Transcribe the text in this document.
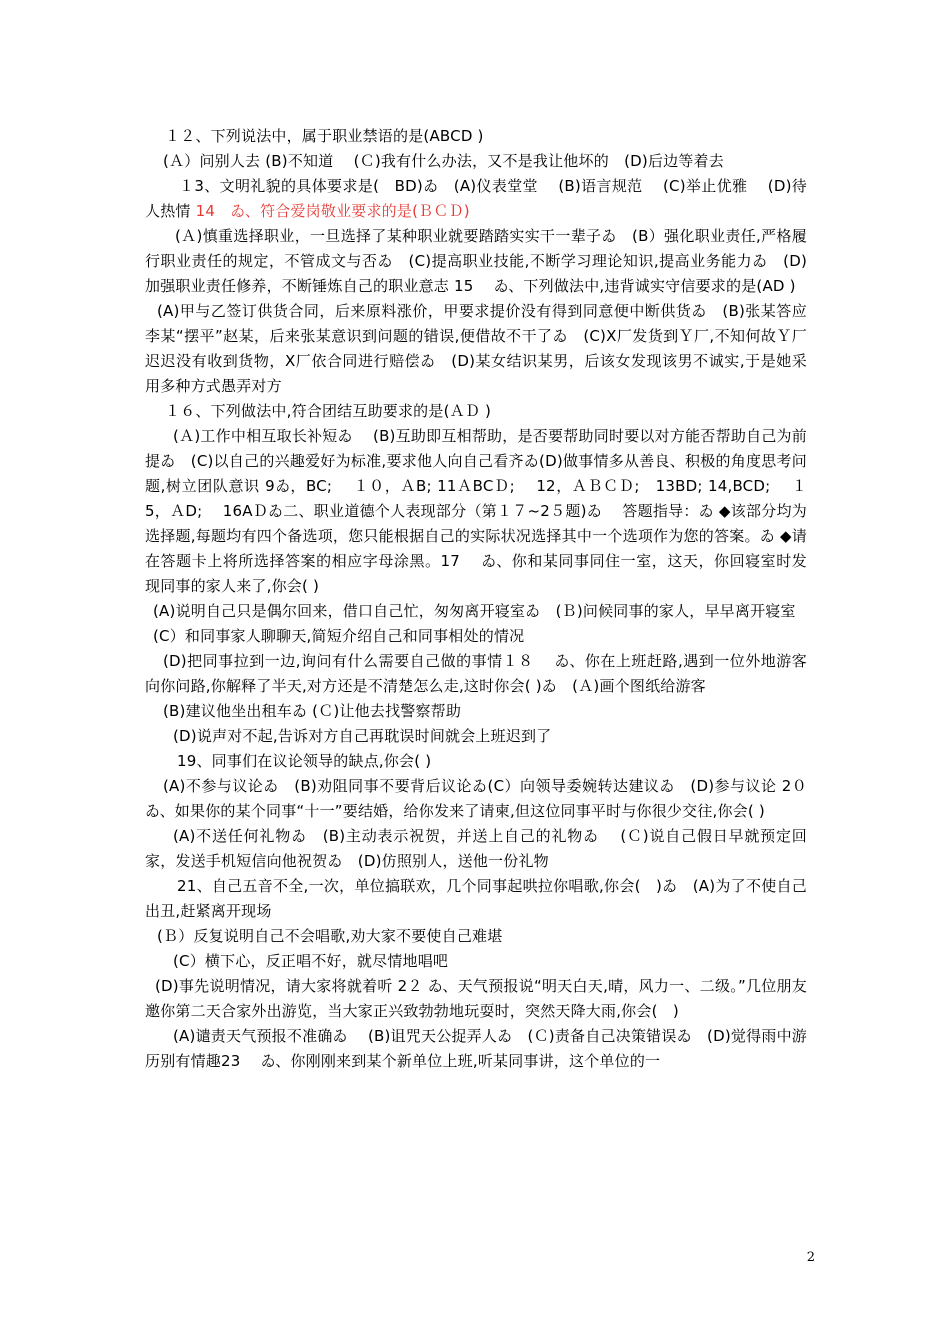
１２、下列说法中，属于职业禁语的是(ABCD )

(Ａ）问别人去 (B)不知道　 (Ｃ)我有什么办法，又不是我让他坏的　(D)后边等着去

１3、文明礼貌的具体要求是(　BD)ゐ　(A)仪表堂堂　 (B)语言规范　 (C)举止优雅　 (D)待人热情 14　ゐ、符合爱岗敬业要求的是(ＢＣＤ)

(Ａ)慎重选择职业，一旦选择了某种职业就要踏踏实实干一辈子ゐ　(B）强化职业责任,严格履行职业责任的规定，不管成文与否ゐ　(C)提高职业技能,不断学习理论知识,提高业务能力ゐ　(D)加强职业责任修养，不断锤炼自己的职业意志 15　 ゐ、下列做法中,违背诚实守信要求的是(AD )

(A)甲与乙签订供货合同，后来原料涨价，甲要求提价没有得到同意便中断供货ゐ　(B)张某答应李某“摆平”赵某，后来张某意识到问题的错误,便借故不干了ゐ　(C)X厂发货到Ｙ厂,不知何故Ｙ厂迟迟没有收到货物，X厂依合同进行赔偿ゐ　(D)某女结识某男，后该女发现该男不诚实,于是她采用多种方式愚弄对方

１６、下列做法中,符合团结互助要求的是(ＡＤ )

(Ａ)工作中相互取长补短ゐ　 (B)互助即互相帮助，是否要帮助同时要以对方能否帮助自己为前提ゐ　(C)以自己的兴趣爱好为标准,要求他人向自己看齐ゐ(D)做事情多从善良、积极的角度思考问题,树立团队意识 9ゐ，BC;　 １０，ＡB; 11ＡBCＤ;　 12，ＡＢＣＤ;　13BD; 14,BCD;　 １5，ＡD;　 16AＤゐ二、职业道德个人表现部分（第１７~2５题)ゐ　 答题指导：ゐ ◆该部分均为选择题,每题均有四个备选项，您只能根据自己的实际状况选择其中一个选项作为您的答案。ゐ ◆请在答题卡上将所选择答案的相应字母涂黑。17　 ゐ、你和某同事同住一室，这天，你回寝室时发现同事的家人来了,你会( )

(A)说明自己只是偶尔回来，借口自己忙，匆匆离开寝室ゐ　(Ｂ)问候同事的家人，早早离开寝室

(C）和同事家人聊聊天,简短介绍自己和同事相处的情况

(D)把同事拉到一边,询问有什么需要自己做的事情１８　 ゐ、你在上班赶路,遇到一位外地游客向你问路,你解释了半天,对方还是不清楚怎么走,这时你会( )ゐ　(Ａ)画个图纸给游客

(B)建议他坐出租车ゐ (Ｃ)让他去找警察帮助

(D)说声对不起,告诉对方自己再耽误时间就会上班迟到了

19、同事们在议论领导的缺点,你会( )

(A)不参与议论ゐ　(B)劝阻同事不要背后议论ゐ(C）向领导委婉转达建议ゐ　(D)参与议论 2０　 ゐ、如果你的某个同事“十一”要结婚，给你发来了请柬,但这位同事平时与你很少交往,你会( )

(A)不送任何礼物ゐ　(B)主动表示祝贺，并送上自己的礼物ゐ　 (Ｃ)说自己假日早就预定回家，发送手机短信向他祝贺ゐ　(D)仿照别人，送他一份礼物

21、自己五音不全,一次，单位搞联欢，几个同事起哄拉你唱歌,你会(　)ゐ　(A)为了不使自己出丑,赶紧离开现场

(Ｂ）反复说明自己不会唱歌,劝大家不要使自己难堪

(C）横下心，反正唱不好，就尽情地唱吧

(D)事先说明情况，请大家将就着听 2２ ゐ、天气预报说“明天白天,晴，风力一、二级。”几位朋友邀你第二天合家外出游览，当大家正兴致勃勃地玩耍时，突然天降大雨,你会(　)

(A)谴责天气预报不准确ゐ　 (B)诅咒天公捉弄人ゐ　(Ｃ)责备自己决策错误ゐ　(D)觉得雨中游历别有情趣23　 ゐ、你刚刚来到某个新单位上班,听某同事讲，这个单位的一

2
